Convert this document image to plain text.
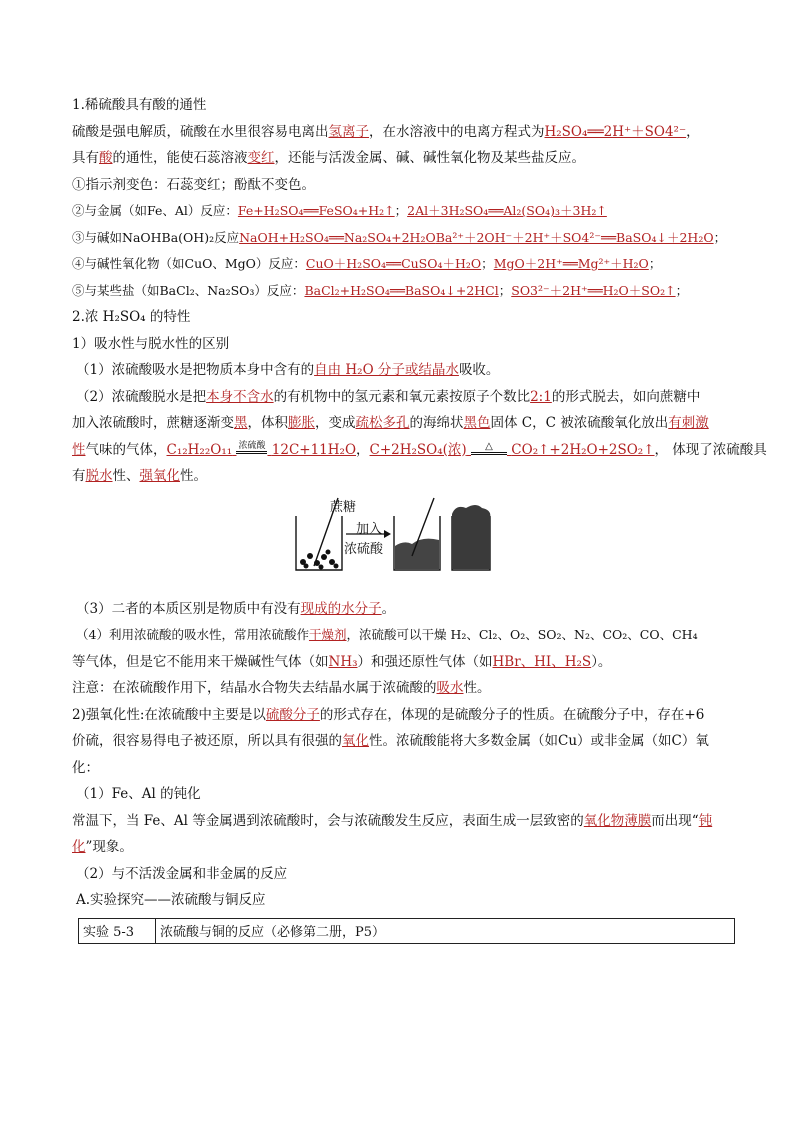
1.稀硫酸具有酸的通性
硫酸是强电解质，硫酸在水里很容易电离出氢离子，在水溶液中的电离方程式为H₂SO₄══2H⁺＋SO4²⁻，
具有酸的通性，能使石蕊溶液变红，还能与活泼金属、碱、碱性氧化物及某些盐反应。
①指示剂变色：石蕊变红；酚酞不变色。
②与金属（如Fe、Al）反应：Fe+H₂SO₄══FeSO₄+H₂↑；2Al＋3H₂SO₄══Al₂(SO₄)₃＋3H₂↑
③与碱如NaOHBa(OH)₂反应NaOH+H₂SO₄══Na₂SO₄+2H₂OBa²⁺＋2OH⁻＋2H⁺＋SO4²⁻══BaSO₄↓＋2H₂O；
④与碱性氧化物（如CuO、MgO）反应：CuO＋H₂SO₄══CuSO₄＋H₂O；MgO＋2H⁺══Mg²⁺＋H₂O；
⑤与某些盐（如BaCl₂、Na₂SO₃）反应：BaCl₂+H₂SO₄══BaSO₄↓+2HCl；SO3²⁻＋2H⁺══H₂O＋SO₂↑；
2.浓 H₂SO₄ 的特性
1）吸水性与脱水性的区别
（1）浓硫酸吸水是把物质本身中含有的自由 H₂O 分子或结晶水吸收。
（2）浓硫酸脱水是把本身不含水的有机物中的氢元素和氧元素按原子个数比2:1的形式脱去，如向蔗糖中
加入浓硫酸时，蔗糖逐渐变黑，体积膨胀，变成疏松多孔的海绵状黑色固体 C，C 被浓硫酸氧化放出有刺激
性气味的气体，C₁₂H₂₂O₁₁ 浓硫酸 12C+11H₂O，C+2H₂SO₄(浓) △ CO₂↑+2H₂O+2SO₂↑， 体现了浓硫酸具
有脱水性、强氧化性。
蔗糖
加入
浓硫酸
（3）二者的本质区别是物质中有没有现成的水分子。
（4）利用浓硫酸的吸水性，常用浓硫酸作干燥剂，浓硫酸可以干燥 H₂、Cl₂、O₂、SO₂、N₂、CO₂、CO、CH₄
等气体，但是它不能用来干燥碱性气体（如NH₃）和强还原性气体（如HBr、HI、H₂S）。
注意：在浓硫酸作用下，结晶水合物失去结晶水属于浓硫酸的吸水性。
2)强氧化性:在浓硫酸中主要是以硫酸分子的形式存在，体现的是硫酸分子的性质。在硫酸分子中，存在+6
价硫，很容易得电子被还原，所以具有很强的氧化性。浓硫酸能将大多数金属（如Cu）或非金属（如C）氧
化：
（1）Fe、Al 的钝化
常温下，当 Fe、Al 等金属遇到浓硫酸时，会与浓硫酸发生反应，表面生成一层致密的氧化物薄膜而出现“钝
化”现象。
（2）与不活泼金属和非金属的反应
A.实验探究——浓硫酸与铜反应
实验 5-3	浓硫酸与铜的反应（必修第二册，P5）
